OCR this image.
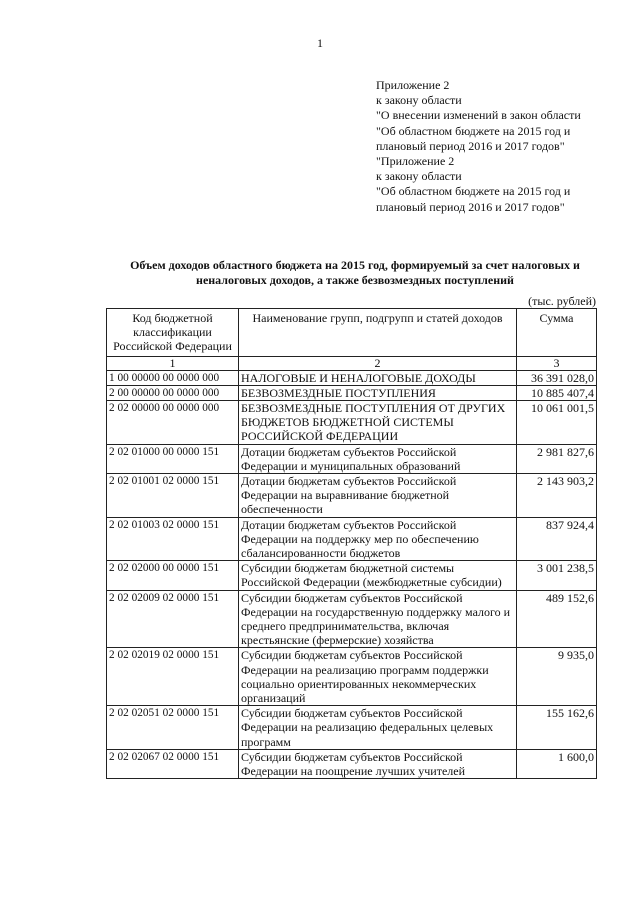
1
Приложение 2
к закону области
"О внесении изменений в закон области
"Об областном бюджете на 2015 год и
плановый период 2016 и 2017 годов"
"Приложение 2
к закону области
"Об областном бюджете на 2015 год и
плановый период 2016 и 2017 годов"
Объем доходов областного бюджета на 2015 год, формируемый за счет налоговых и неналоговых доходов, а также безвозмездных поступлений
(тыс. рублей)
Код бюджетной классификации Российской Федерации	Наименование групп, подгрупп и статей доходов	Сумма
1	2	3
1 00 00000 00 0000 000	НАЛОГОВЫЕ И НЕНАЛОГОВЫЕ ДОХОДЫ	36 391 028,0
2 00 00000 00 0000 000	БЕЗВОЗМЕЗДНЫЕ ПОСТУПЛЕНИЯ	10 885 407,4
2 02 00000 00 0000 000	БЕЗВОЗМЕЗДНЫЕ ПОСТУПЛЕНИЯ ОТ ДРУГИХ БЮДЖЕТОВ БЮДЖЕТНОЙ СИСТЕМЫ РОССИЙСКОЙ ФЕДЕРАЦИИ	10 061 001,5
2 02 01000 00 0000 151	Дотации бюджетам субъектов Российской Федерации и муниципальных образований	2 981 827,6
2 02 01001 02 0000 151	Дотации бюджетам субъектов Российской Федерации на выравнивание бюджетной обеспеченности	2 143 903,2
2 02 01003 02 0000 151	Дотации бюджетам субъектов Российской Федерации на поддержку мер по обеспечению сбалансированности бюджетов	837 924,4
2 02 02000 00 0000 151	Субсидии бюджетам бюджетной системы Российской Федерации (межбюджетные субсидии)	3 001 238,5
2 02 02009 02 0000 151	Субсидии бюджетам субъектов Российской Федерации на государственную поддержку малого и среднего предпринимательства, включая крестьянские (фермерские) хозяйства	489 152,6
2 02 02019 02 0000 151	Субсидии бюджетам субъектов Российской Федерации на реализацию программ поддержки социально ориентированных некоммерческих организаций	9 935,0
2 02 02051 02 0000 151	Субсидии бюджетам субъектов Российской Федерации на реализацию федеральных целевых программ	155 162,6
2 02 02067 02 0000 151	Субсидии бюджетам субъектов Российской Федерации на поощрение лучших учителей	1 600,0
